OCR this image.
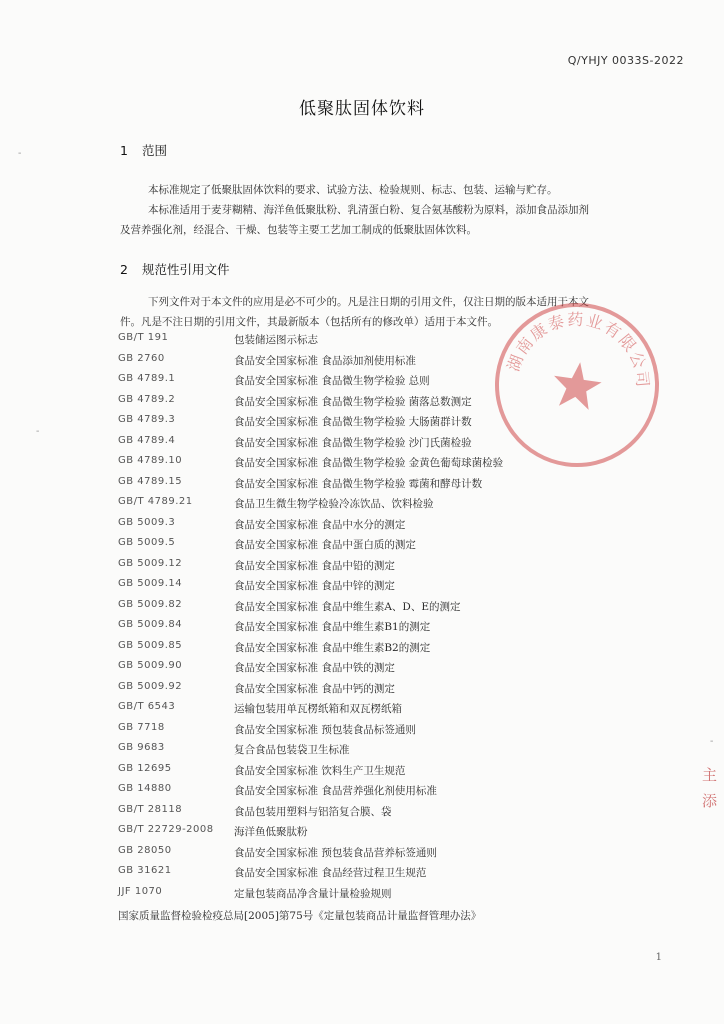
Q/YHJY 0033S-2022
低聚肽固体饮料
1 范围
本标准规定了低聚肽固体饮料的要求、试验方法、检验规则、标志、包装、运输与贮存。
本标准适用于麦芽糊精、海洋鱼低聚肽粉、乳清蛋白粉、复合氨基酸粉为原料，添加食品添加剂
及营养强化剂，经混合、干燥、包装等主要工艺加工制成的低聚肽固体饮料。
2 规范性引用文件
下列文件对于本文件的应用是必不可少的。凡是注日期的引用文件，仅注日期的版本适用于本文
件。凡是不注日期的引用文件，其最新版本（包括所有的修改单）适用于本文件。
GB/T 191	包装储运图示标志
GB 2760	食品安全国家标准 食品添加剂使用标准
GB 4789.1	食品安全国家标准 食品微生物学检验 总则
GB 4789.2	食品安全国家标准 食品微生物学检验 菌落总数测定
GB 4789.3	食品安全国家标准 食品微生物学检验 大肠菌群计数
GB 4789.4	食品安全国家标准 食品微生物学检验 沙门氏菌检验
GB 4789.10	食品安全国家标准 食品微生物学检验 金黄色葡萄球菌检验
GB 4789.15	食品安全国家标准 食品微生物学检验 霉菌和酵母计数
GB/T 4789.21	食品卫生微生物学检验冷冻饮品、饮料检验
GB 5009.3	食品安全国家标准 食品中水分的测定
GB 5009.5	食品安全国家标准 食品中蛋白质的测定
GB 5009.12	食品安全国家标准 食品中铅的测定
GB 5009.14	食品安全国家标准 食品中锌的测定
GB 5009.82	食品安全国家标准 食品中维生素A、D、E的测定
GB 5009.84	食品安全国家标准 食品中维生素B1的测定
GB 5009.85	食品安全国家标准 食品中维生素B2的测定
GB 5009.90	食品安全国家标准 食品中铁的测定
GB 5009.92	食品安全国家标准 食品中钙的测定
GB/T 6543	运输包装用单瓦楞纸箱和双瓦楞纸箱
GB 7718	食品安全国家标准 预包装食品标签通则
GB 9683	复合食品包装袋卫生标准
GB 12695	食品安全国家标准 饮料生产卫生规范
GB 14880	食品安全国家标准 食品营养强化剂使用标准
GB/T 28118	食品包装用塑料与铝箔复合膜、袋
GB/T 22729-2008 海洋鱼低聚肽粉
GB 28050	食品安全国家标准 预包装食品营养标签通则
GB 31621	食品安全国家标准 食品经营过程卫生规范
JJF 1070	定量包装商品净含量计量检验规则
国家质量监督检验检疫总局[2005]第75号《定量包装商品计量监督管理办法》
1
湖南康泰药业有限公司
主
添
-
-
-
